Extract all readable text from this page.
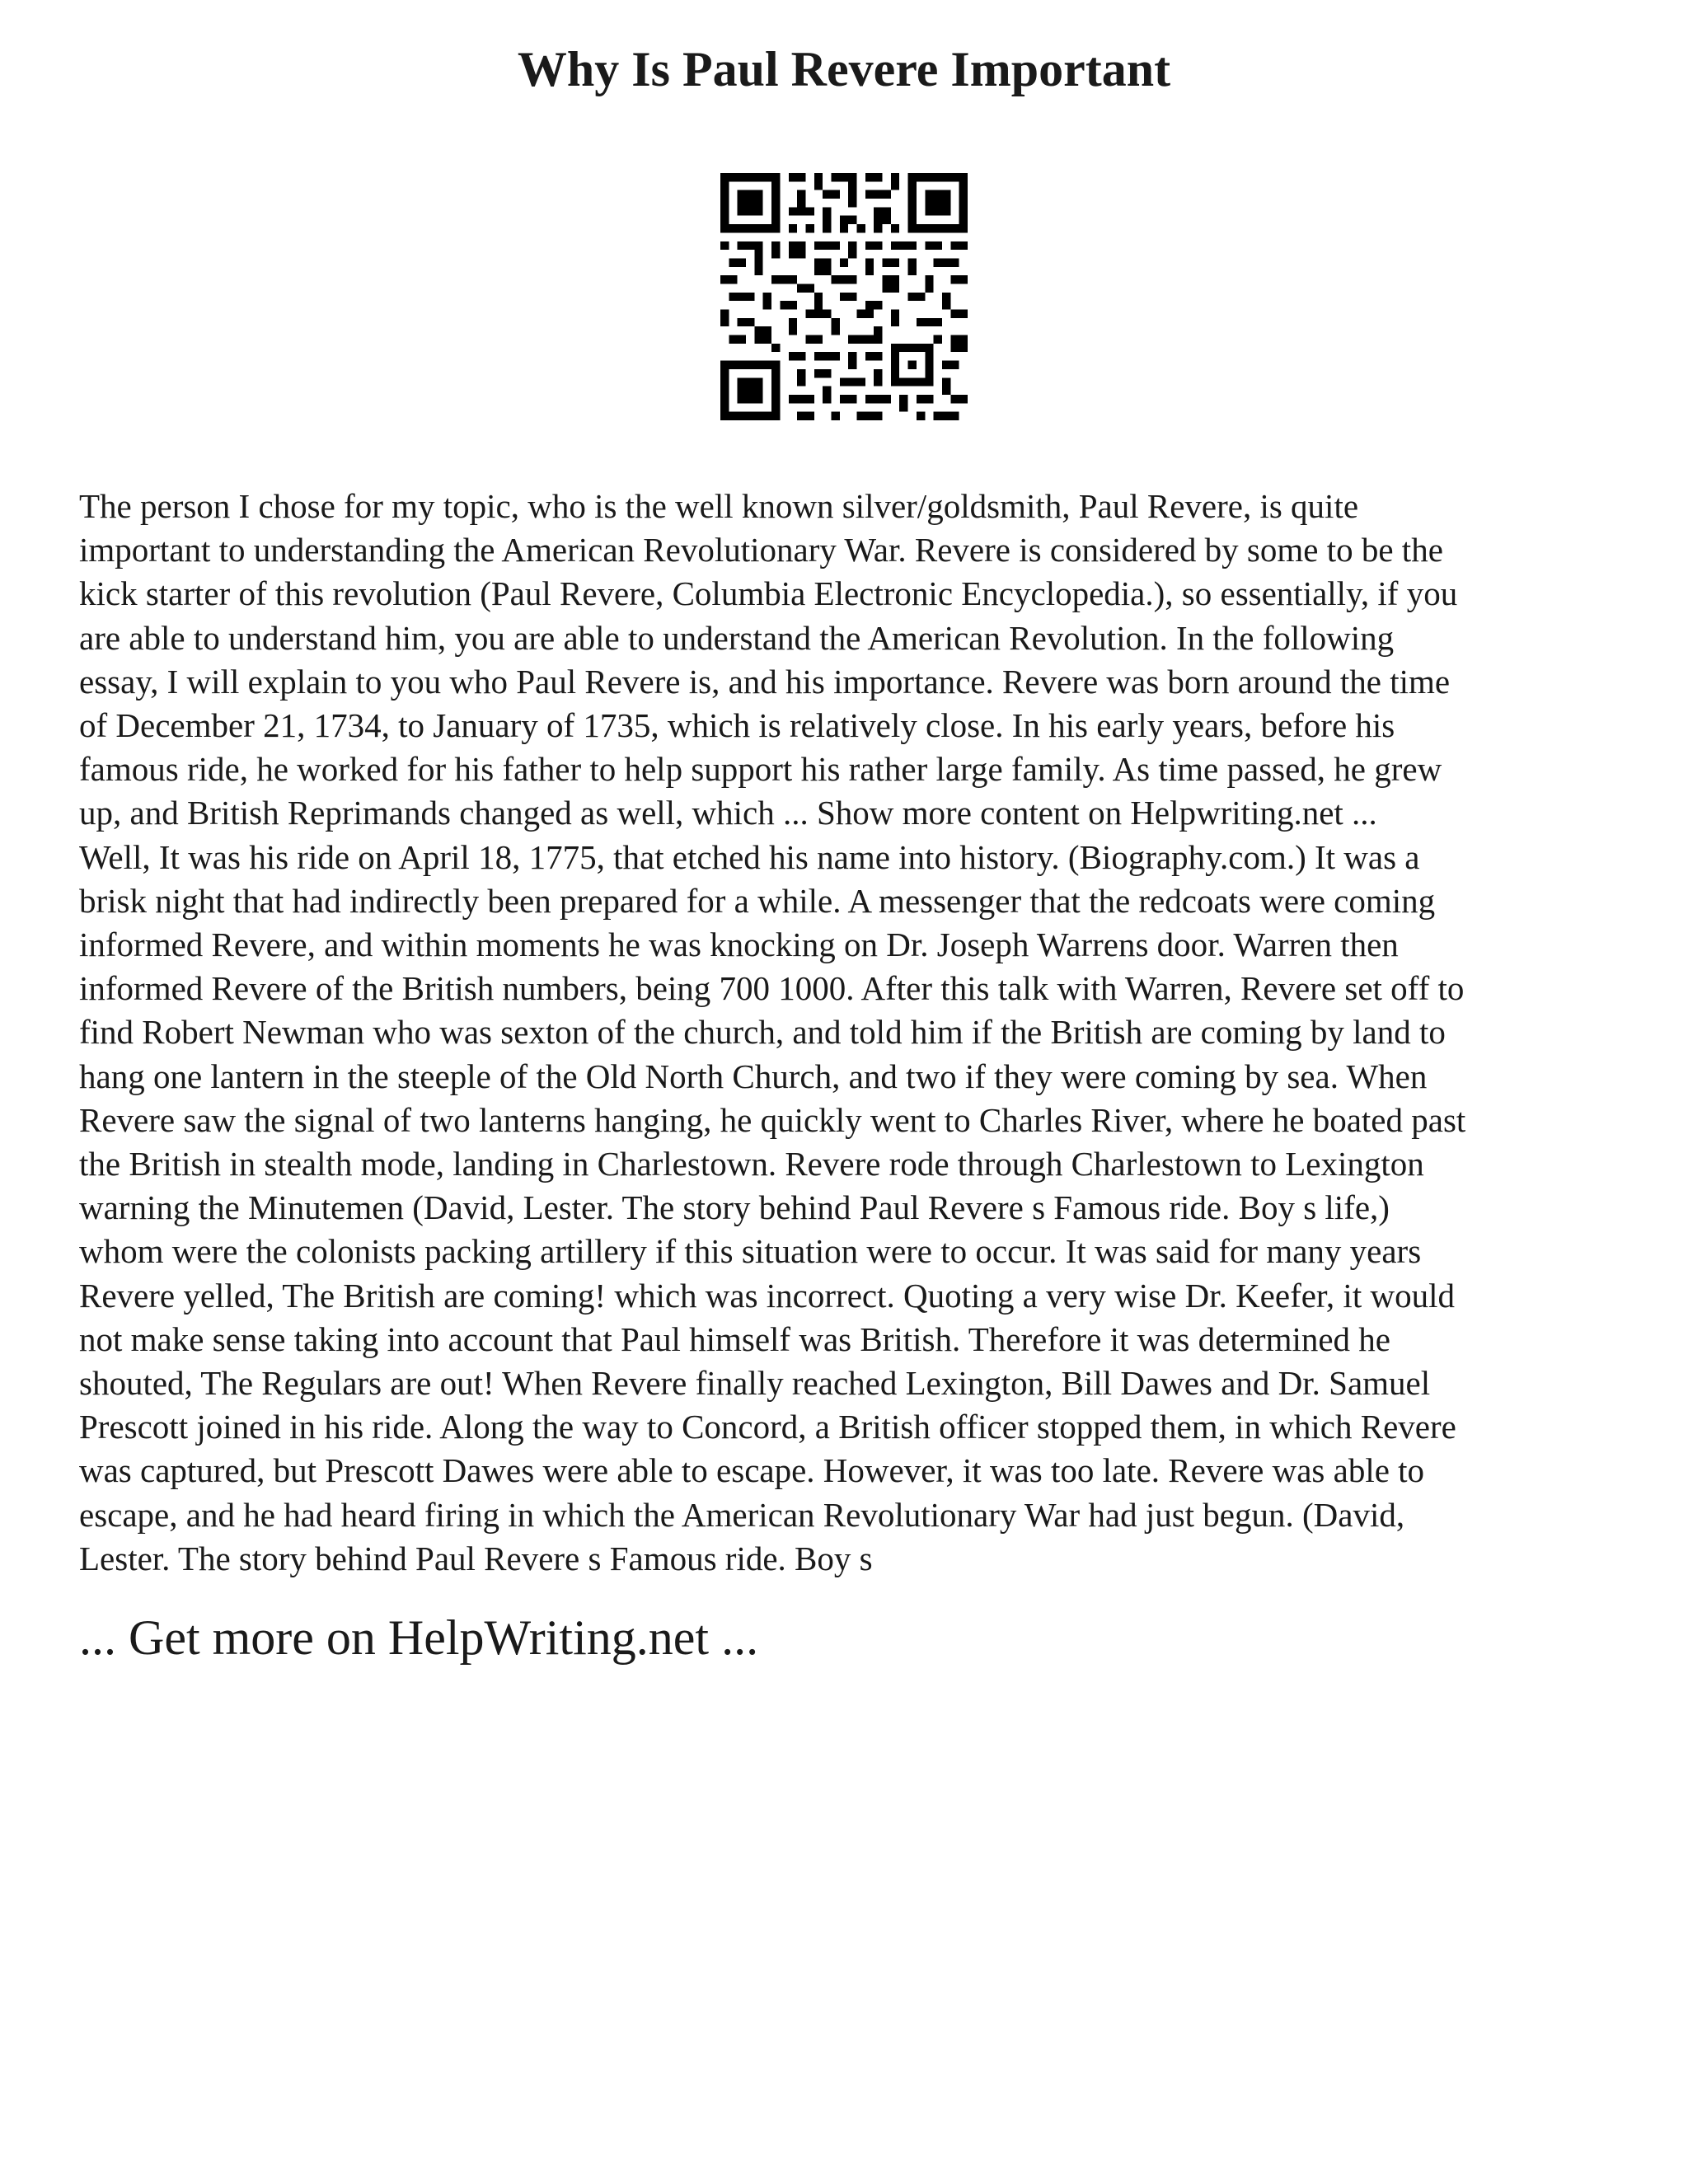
Why Is Paul Revere Important

The person I chose for my topic, who is the well known silver/goldsmith, Paul Revere, is quite
important to understanding the American Revolutionary War. Revere is considered by some to be the
kick starter of this revolution (Paul Revere, Columbia Electronic Encyclopedia.), so essentially, if you
are able to understand him, you are able to understand the American Revolution. In the following
essay, I will explain to you who Paul Revere is, and his importance. Revere was born around the time
of December 21, 1734, to January of 1735, which is relatively close. In his early years, before his
famous ride, he worked for his father to help support his rather large family. As time passed, he grew
up, and British Reprimands changed as well, which ... Show more content on Helpwriting.net ...
Well, It was his ride on April 18, 1775, that etched his name into history. (Biography.com.) It was a
brisk night that had indirectly been prepared for a while. A messenger that the redcoats were coming
informed Revere, and within moments he was knocking on Dr. Joseph Warrens door. Warren then
informed Revere of the British numbers, being 700 1000. After this talk with Warren, Revere set off to
find Robert Newman who was sexton of the church, and told him if the British are coming by land to
hang one lantern in the steeple of the Old North Church, and two if they were coming by sea. When
Revere saw the signal of two lanterns hanging, he quickly went to Charles River, where he boated past
the British in stealth mode, landing in Charlestown. Revere rode through Charlestown to Lexington
warning the Minutemen (David, Lester. The story behind Paul Revere s Famous ride. Boy s life,)
whom were the colonists packing artillery if this situation were to occur. It was said for many years
Revere yelled, The British are coming! which was incorrect. Quoting a very wise Dr. Keefer, it would
not make sense taking into account that Paul himself was British. Therefore it was determined he
shouted, The Regulars are out! When Revere finally reached Lexington, Bill Dawes and Dr. Samuel
Prescott joined in his ride. Along the way to Concord, a British officer stopped them, in which Revere
was captured, but Prescott Dawes were able to escape. However, it was too late. Revere was able to
escape, and he had heard firing in which the American Revolutionary War had just begun. (David,
Lester. The story behind Paul Revere s Famous ride. Boy s

... Get more on HelpWriting.net ...
